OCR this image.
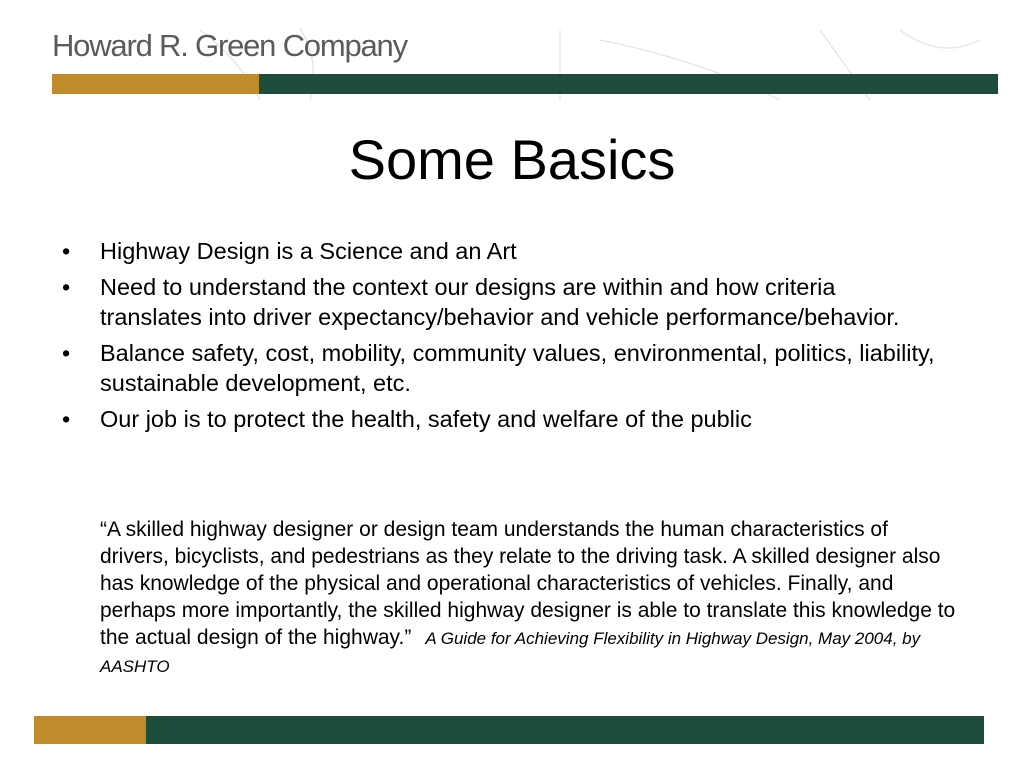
Howard R. Green Company
Some Basics
• Highway Design is a Science and an Art
• Need to understand the context our designs are within and how criteria translates into driver expectancy/behavior and vehicle performance/behavior.
• Balance safety, cost, mobility, community values, environmental, politics, liability, sustainable development, etc.
• Our job is to protect the health, safety and welfare of the public
“A skilled highway designer or design team understands the human characteristics of drivers, bicyclists, and pedestrians as they relate to the driving task. A skilled designer also has knowledge of the physical and operational characteristics of vehicles. Finally, and perhaps more importantly, the skilled highway designer is able to translate this knowledge to the actual design of the highway.” A Guide for Achieving Flexibility in Highway Design, May 2004, by AASHTO
